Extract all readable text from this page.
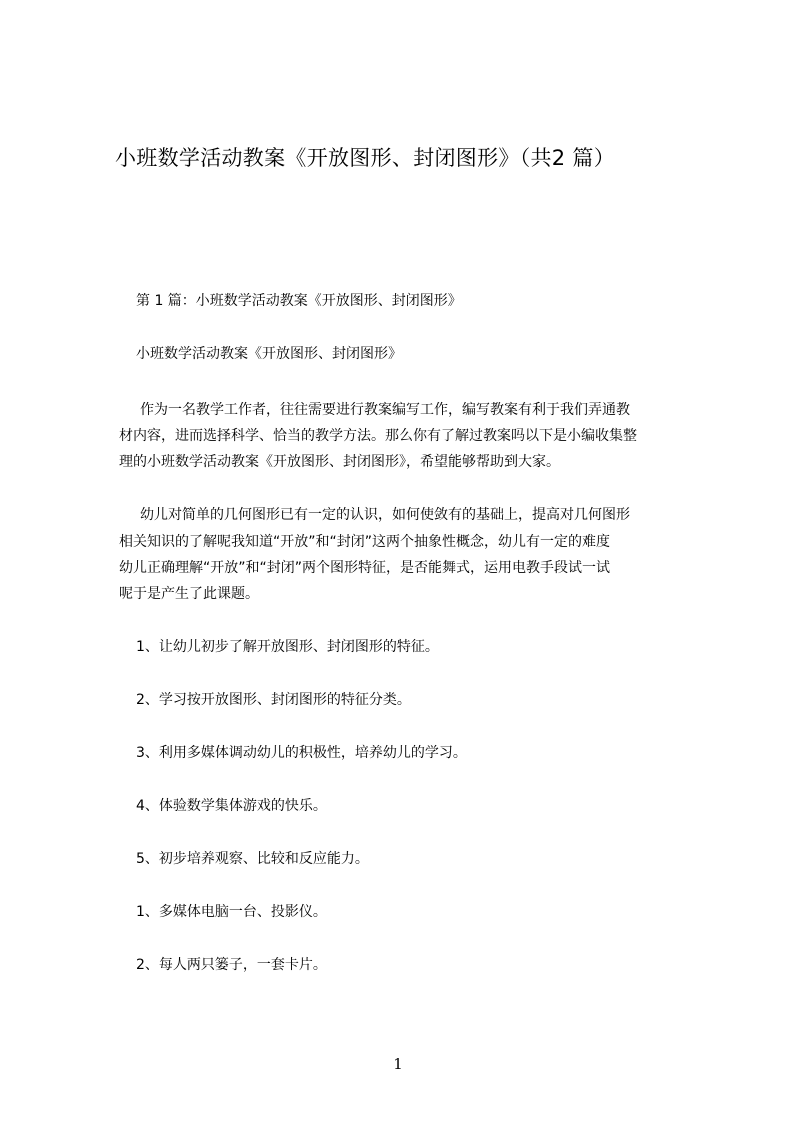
小班数学活动教案《开放图形、封闭图形》（共2 篇）
第 1 篇：小班数学活动教案《开放图形、封闭图形》
小班数学活动教案《开放图形、封闭图形》
作为一名教学工作者，往往需要进行教案编写工作，编写教案有利于我们弄通教
材内容，进而选择科学、恰当的教学方法。那么你有了解过教案吗以下是小编收集整
理的小班数学活动教案《开放图形、封闭图形》，希望能够帮助到大家。
幼儿对简单的几何图形已有一定的认识，如何使敛有的基础上，提高对几何图形
相关知识的了解呢我知道“开放”和“封闭”这两个抽象性概念，幼儿有一定的难度
幼儿正确理解“开放”和“封闭”两个图形特征，是否能舞式，运用电教手段试一试
呢于是产生了此课题。
1、让幼儿初步了解开放图形、封闭图形的特征。
2、学习按开放图形、封闭图形的特征分类。
3、利用多媒体调动幼儿的积极性，培养幼儿的学习。
4、体验数学集体游戏的快乐。
5、初步培养观察、比较和反应能力。
1、多媒体电脑一台、投影仪。
2、每人两只篓子，一套卡片。
1
